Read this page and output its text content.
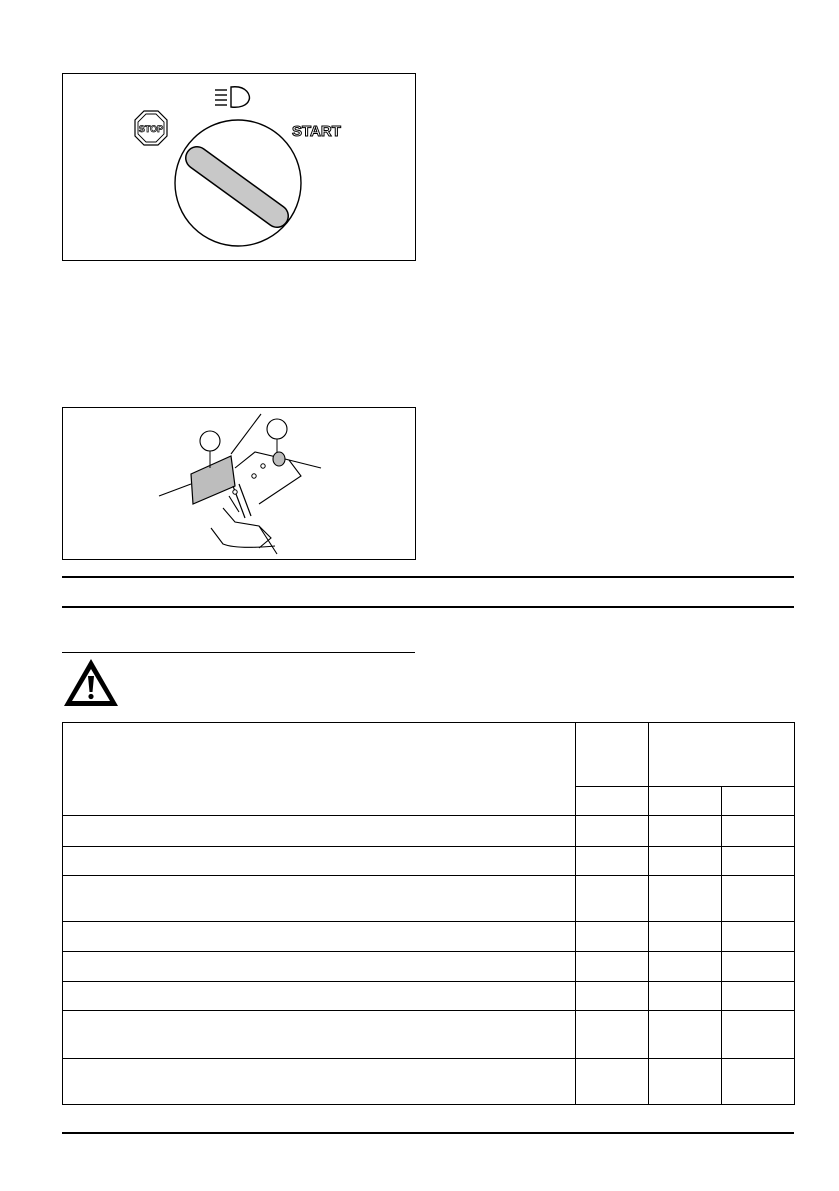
STOP	START
